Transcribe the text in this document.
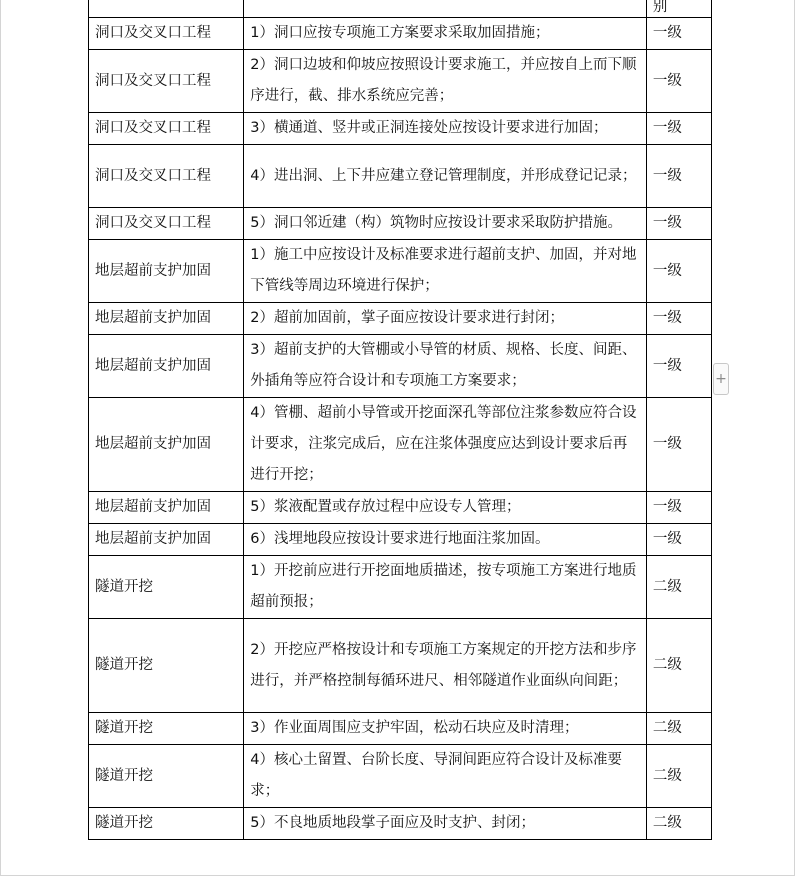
		别
洞口及交叉口工程	1）洞口应按专项施工方案要求采取加固措施；	一级
洞口及交叉口工程	2）洞口边坡和仰坡应按照设计要求施工，并应按自上而下顺序进行，截、排水系统应完善；	一级
洞口及交叉口工程	3）横通道、竖井或正洞连接处应按设计要求进行加固；	一级
洞口及交叉口工程	4）进出洞、上下井应建立登记管理制度，并形成登记记录；	一级
洞口及交叉口工程	5）洞口邻近建（构）筑物时应按设计要求采取防护措施。	一级
地层超前支护加固	1）施工中应按设计及标准要求进行超前支护、加固，并对地下管线等周边环境进行保护；	一级
地层超前支护加固	2）超前加固前，掌子面应按设计要求进行封闭；	一级
地层超前支护加固	3）超前支护的大管棚或小导管的材质、规格、长度、间距、外插角等应符合设计和专项施工方案要求；	一级
地层超前支护加固	4）管棚、超前小导管或开挖面深孔等部位注浆参数应符合设计要求，注浆完成后，应在注浆体强度应达到设计要求后再进行开挖；	一级
地层超前支护加固	5）浆液配置或存放过程中应设专人管理；	一级
地层超前支护加固	6）浅埋地段应按设计要求进行地面注浆加固。	一级
隧道开挖	1）开挖前应进行开挖面地质描述，按专项施工方案进行地质超前预报；	二级
隧道开挖	2）开挖应严格按设计和专项施工方案规定的开挖方法和步序进行，并严格控制每循环进尺、相邻隧道作业面纵向间距；	二级
隧道开挖	3）作业面周围应支护牢固，松动石块应及时清理；	二级
隧道开挖	4）核心土留置、台阶长度、导洞间距应符合设计及标准要求；	二级
隧道开挖	5）不良地质地段掌子面应及时支护、封闭；	二级
+
